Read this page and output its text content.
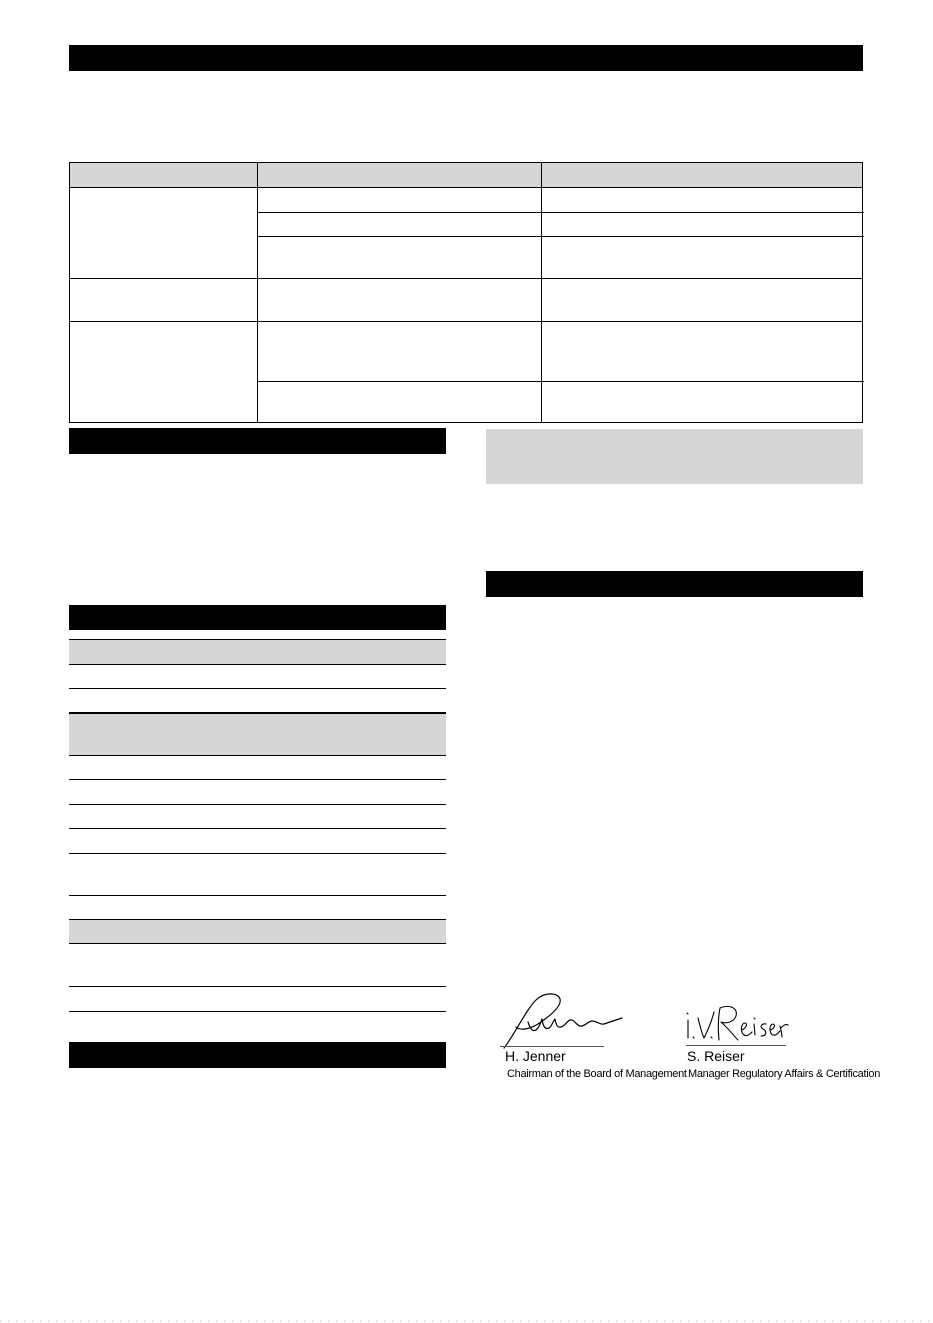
H. Jenner
Chairman of the Board of Management
S. Reiser
Manager Regulatory Affairs & Certification
